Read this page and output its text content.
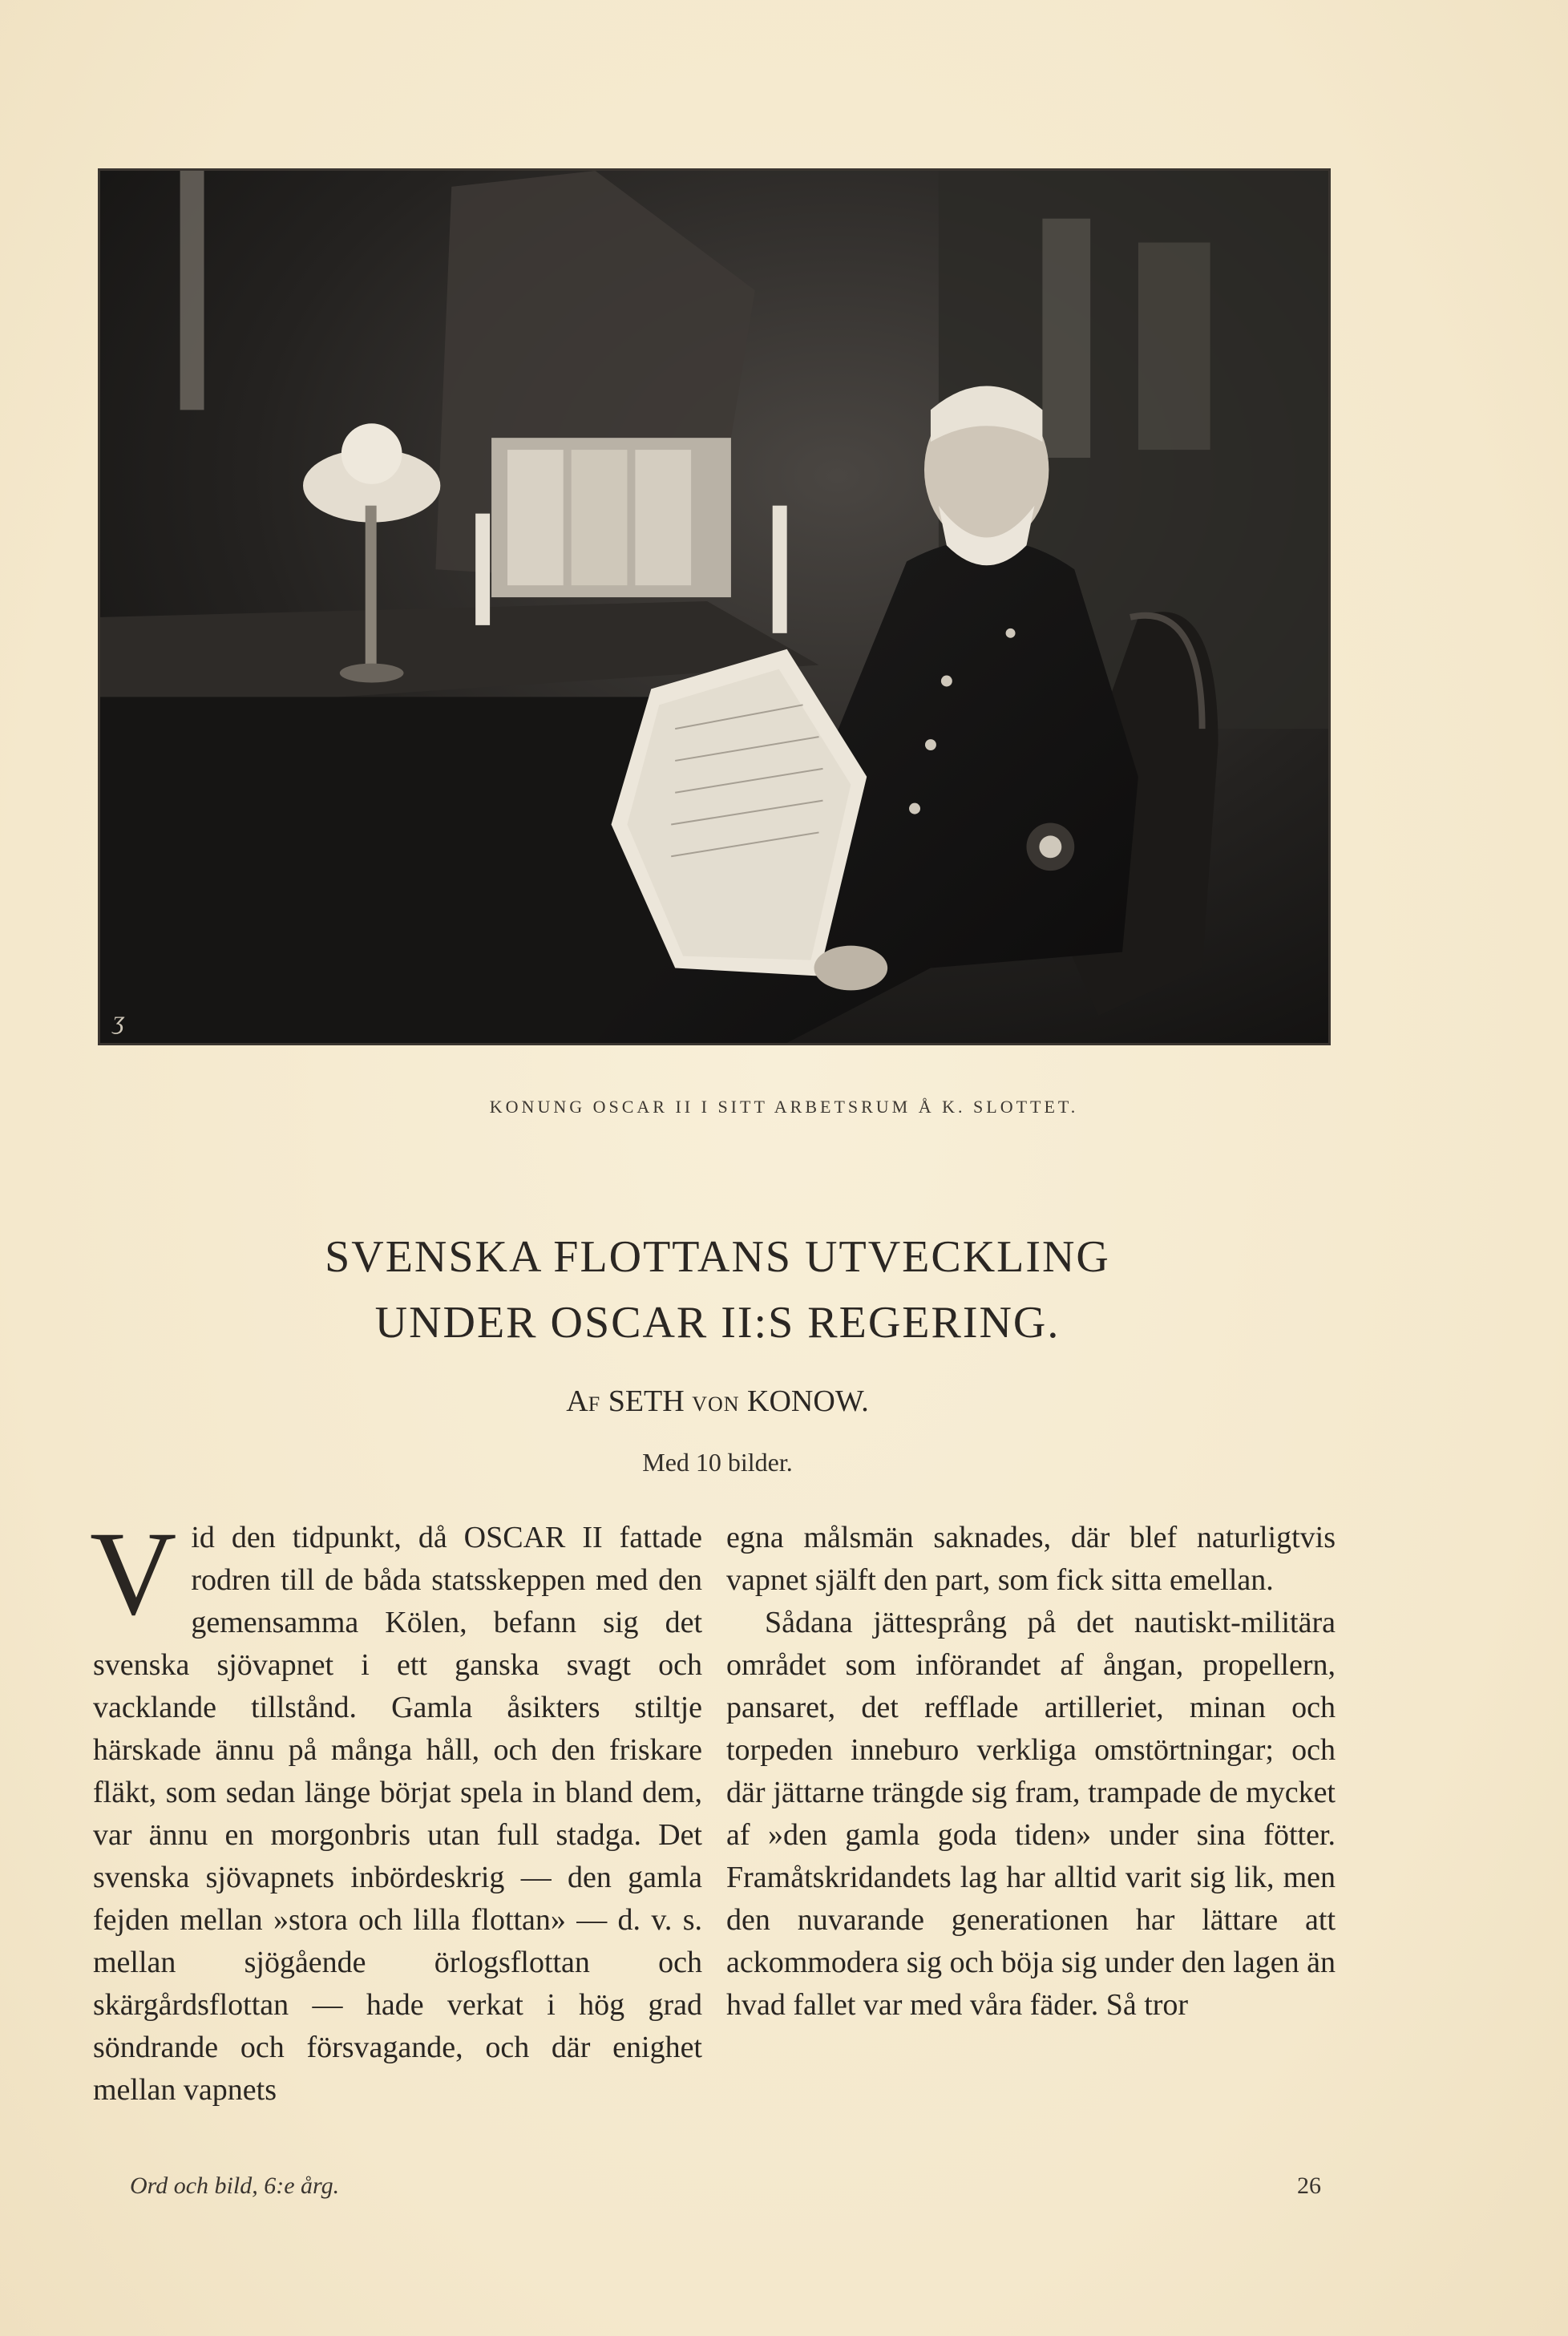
ʒ
KONUNG OSCAR II I SITT ARBETSRUM Å K. SLOTTET.
SVENSKA FLOTTANS UTVECKLING
UNDER OSCAR II:S REGERING.
AF SETH VON KONOW.
Med 10 bilder.
V id den tidpunkt, då OSCAR II fattade rodren till de båda statsskeppen med den gemensamma Kölen, befann sig det svenska sjövapnet i ett ganska svagt och vacklande tillstånd. Gamla åsikters stiltje härskade ännu på många håll, och den friskare fläkt, som sedan länge börjat spela in bland dem, var ännu en morgonbris utan full stadga. Det svenska sjövapnets inbördeskrig — den gamla fejden mellan »stora och lilla flottan» — d. v. s. mellan sjögående örlogsflottan och skärgårdsflottan — hade verkat i hög grad söndrande och försvagande, och där enighet mellan vapnets

egna målsmän saknades, där blef naturligtvis vapnet själft den part, som fick sitta emellan.

Sådana jättesprång på det nautiskt-militära området som införandet af ångan, propellern, pansaret, det refflade artilleriet, minan och torpeden inneburo verkliga omstörtningar; och där jättarne trängde sig fram, trampade de mycket af »den gamla goda tiden» under sina fötter. Framåtskridandets lag har alltid varit sig lik, men den nuvarande generationen har lättare att ackommodera sig och böja sig under den lagen än hvad fallet var med våra fäder. Så tror

Ord och bild, 6:e årg.	26
